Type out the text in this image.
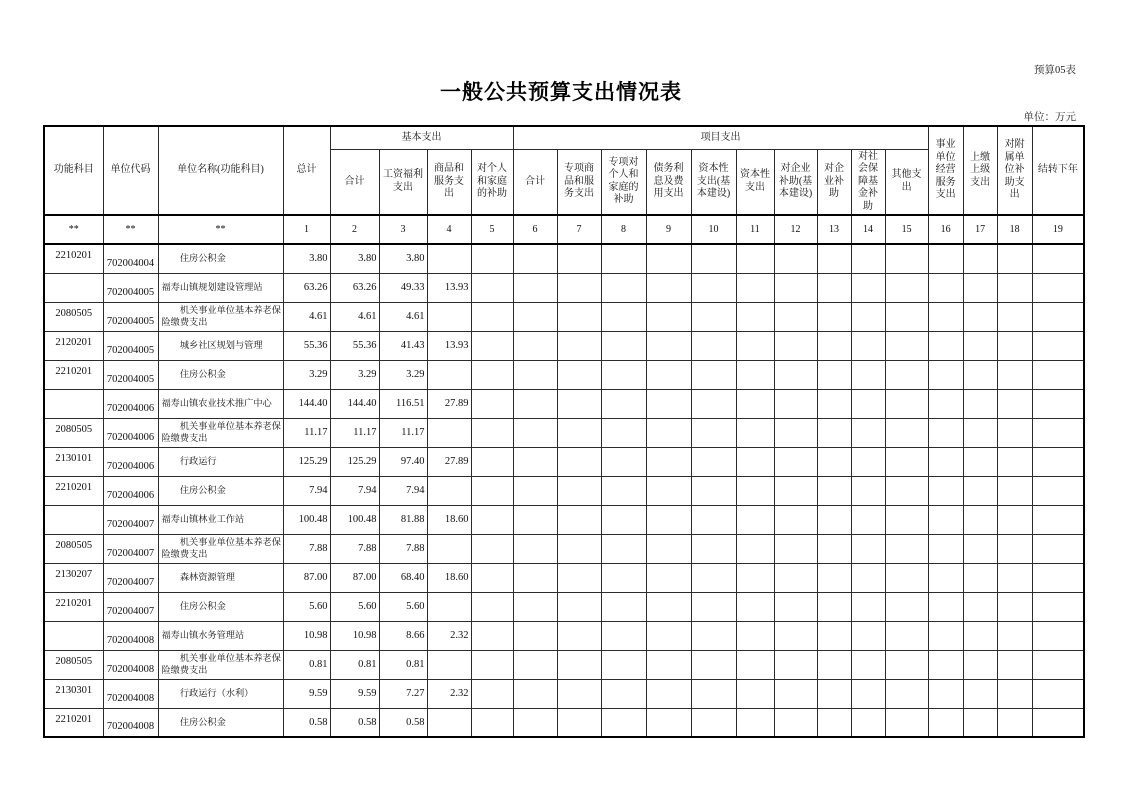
预算05表
一般公共预算支出情况表
单位：万元
功能科目	单位代码	单位名称(功能科目)	总计	基本支出				项目支出										事业单位经营服务支出	上缴上级支出	对附属单位补助支出	结转下年
				合计	工资福利支出	商品和服务支出	对个人和家庭的补助	合计	专项商品和服务支出	专项对个人和家庭的补助	债务利息及费用支出	资本性支出(基本建设)	资本性支出	对企业补助(基本建设)	对企业补助	对社会保障基金补助	其他支出				
**	**	**	1	2	3	4	5	6	7	8	9	10	11	12	13	14	15	16	17	18	19
2210201	702004004	　　住房公积金	3.80	3.80	3.80																
	702004005	福寿山镇规划建设管理站	63.26	63.26	49.33	13.93															
2080505	702004005	　　机关事业单位基本养老保险缴费支出	4.61	4.61	4.61																
2120201	702004005	　　城乡社区规划与管理	55.36	55.36	41.43	13.93															
2210201	702004005	　　住房公积金	3.29	3.29	3.29																
	702004006	福寿山镇农业技术推广中心	144.40	144.40	116.51	27.89															
2080505	702004006	　　机关事业单位基本养老保险缴费支出	11.17	11.17	11.17																
2130101	702004006	　　行政运行	125.29	125.29	97.40	27.89															
2210201	702004006	　　住房公积金	7.94	7.94	7.94																
	702004007	福寿山镇林业工作站	100.48	100.48	81.88	18.60															
2080505	702004007	　　机关事业单位基本养老保险缴费支出	7.88	7.88	7.88																
2130207	702004007	　　森林资源管理	87.00	87.00	68.40	18.60															
2210201	702004007	　　住房公积金	5.60	5.60	5.60																
	702004008	福寿山镇水务管理站	10.98	10.98	8.66	2.32															
2080505	702004008	　　机关事业单位基本养老保险缴费支出	0.81	0.81	0.81																
2130301	702004008	　　行政运行（水利）	9.59	9.59	7.27	2.32															
2210201	702004008	　　住房公积金	0.58	0.58	0.58																
